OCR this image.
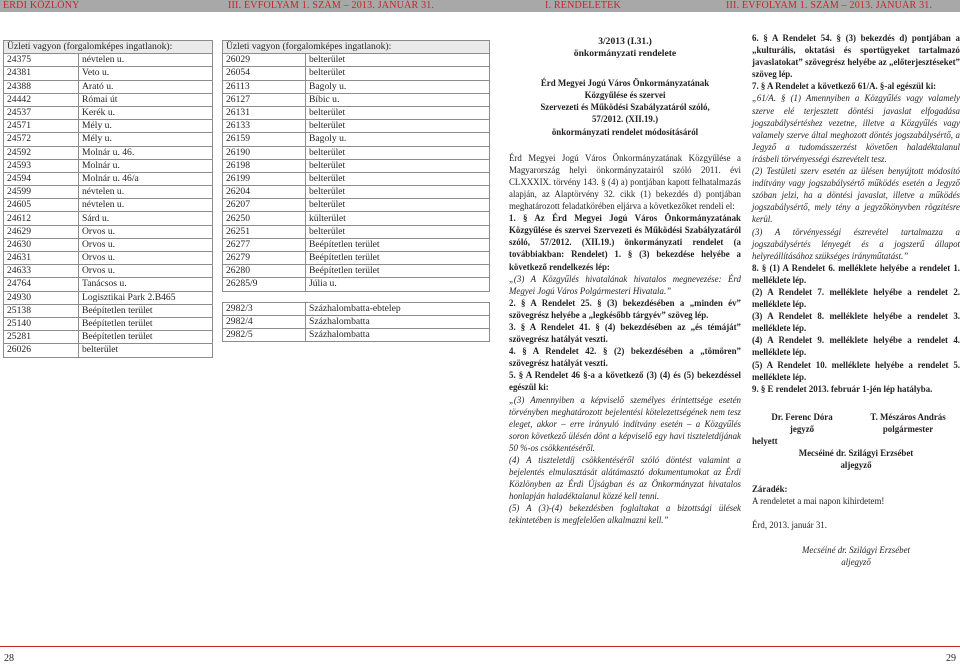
ÉRDI KÖZLÖNY	III. ÉVFOLYAM 1. SZÁM – 2013. JANUÁR 31.	I. RENDELETEK	III. ÉVFOLYAM 1. SZÁM – 2013. JANUÁR 31.
Üzleti vagyon (forgalomképes ingatlanok):	
24375	névtelen u.
24381	Veto u.
24388	Arató u.
24442	Római út
24537	Kerék u.
24571	Mély u.
24572	Mély u.
24592	Molnár u. 46.
24593	Molnár u.
24594	Molnár u. 46/a
24599	névtelen u.
24605	névtelen u.
24612	Sárd u.
24629	Orvos u.
24630	Orvos u.
24631	Orvos u.
24633	Orvos u.
24764	Tanácsos u.
24930	Logisztikai Park 2.B465
25138	Beépítetlen terület
25140	Beépítetlen terület
25281	Beépítetlen terület
26026	belterület
Üzleti vagyon (forgalomképes ingatlanok):	
26029	belterület
26054	belterület
26113	Bagoly u.
26127	Bíbic u.
26131	belterület
26133	belterület
26159	Bagoly u.
26190	belterület
26198	belterület
26199	belterület
26204	belterület
26207	belterület
26250	külterület
26251	belterület
26277	Beépítetlen terület
26279	Beépítetlen terület
26280	Beépítetlen terület
26285/9	Júlia u.

2982/3	Százhalombatta-ebtelep
2982/4	Százhalombatta
2982/5	Százhalombatta

3/2013 (I.31.)

önkormányzati rendelete

Érd Megyei Jogú Város Önkormányzatának

Közgyűlése és szervei

Szervezeti és Működési Szabályzatáról szóló,

57/2012. (XII.19.)

önkormányzati rendelet módosításáról

Érd Megyei Jogú Város Önkormányzatának Közgyűlése a Magyarország helyi önkormányzatairól szóló 2011. évi CLXXXIX. törvény 143. § (4) a) pontjában kapott felhatalmazás alapján, az Alaptörvény 32. cikk (1) bekezdés d) pontjában meghatározott feladatkörében eljárva a következőket rendeli el:

1. § Az Érd Megyei Jogú Város Önkormányzatának Közgyűlése és szervei Szervezeti és Működési Szabályzatáról szóló, 57/2012. (XII.19.) önkormányzati rendelet (a továbbiakban: Rendelet) 1. § (3) bekezdése helyébe a következő rendelkezés lép:

„(3) A Közgyűlés hivatalának hivatalos megnevezése: Érd Megyei Jogú Város Polgármesteri Hivatala.”

2. § A Rendelet 25. § (3) bekezdésében a „minden év” szövegrész helyébe a „legkésőbb tárgyév” szöveg lép.

3. § A Rendelet 41. § (4) bekezdésében az „és témáját” szövegrész hatályát veszti.

4. § A Rendelet 42. § (2) bekezdésében a „tömören” szövegrész hatályát veszti.

5. § A Rendelet 46 §-a a következő (3) (4) és (5) bekezdéssel egészül ki:

„(3) Amennyiben a képviselő személyes érintettsége esetén törvényben meghatározott bejelentési kötelezettségének nem tesz eleget, akkor – erre irányuló indítvány esetén – a Közgyűlés soron következő ülésén dönt a képviselő egy havi tiszteletdíjának 50 %-os csökkentéséről.

(4) A tiszteletdíj csökkentéséről szóló döntést valamint a bejelentés elmulasztását alátámasztó dokumentumokat az Érdi Közlönyben az Érdi Újságban és az Önkormányzat hivatalos honlapján haladéktalanul közzé kell tenni.

(5) A (3)-(4) bekezdésben foglaltakat a bizottsági ülések tekintetében is megfelelően alkalmazni kell.”

6. § A Rendelet 54. § (3) bekezdés d) pontjában a „kulturális, oktatási és sportügyeket tartalmazó javaslatokat” szövegrész helyébe az „előterjesztéseket” szöveg lép.

7. § A Rendelet a következő 61/A. §-al egészül ki:

„61/A. § (1) Amennyiben a Közgyűlés vagy valamely szerve elé terjesztett döntési javaslat elfogadása jogszabálysértéshez vezetne, illetve a Közgyűlés vagy valamely szerve által meghozott döntés jogszabálysértő, a Jegyző a tudomásszerzést követően haladéktalanul írásbeli törvényességi észrevételt tesz.

(2) Testületi szerv esetén az ülésen benyújtott módosító indítvány vagy jogszabálysértő működés esetén a Jegyző szóban jelzi, ha a döntési javaslat, illetve a működés jogszabálysértő, mely tény a jegyzőkönyvben rögzítésre kerül.

(3) A törvényességi észrevétel tartalmazza a jogszabálysértés lényegét és a jogszerű állapot helyreállításához szükséges irányműtatást.”

8. § (1) A Rendelet 6. melléklete helyébe a rendelet 1. melléklete lép.

(2) A Rendelet 7. melléklete helyébe a rendelet 2. melléklete lép.

(3) A Rendelet 8. melléklete helyébe a rendelet 3. melléklete lép.

(4) A Rendelet 9. melléklete helyébe a rendelet 4. melléklete lép.

(5) A Rendelet 10. melléklete helyébe a rendelet 5. melléklete lép.

9. § E rendelet 2013. február 1-jén lép hatályba.

Dr. Ferenc Dóra

jegyző

T. Mészáros András

polgármester

helyett

Mecséiné dr. Szilágyi Erzsébet

aljegyző

Záradék:

A rendeletet a mai napon kihirdetem!

Érd, 2013. január 31.

Mecséiné dr. Szilágyi Erzsébet

aljegyző

28	29
